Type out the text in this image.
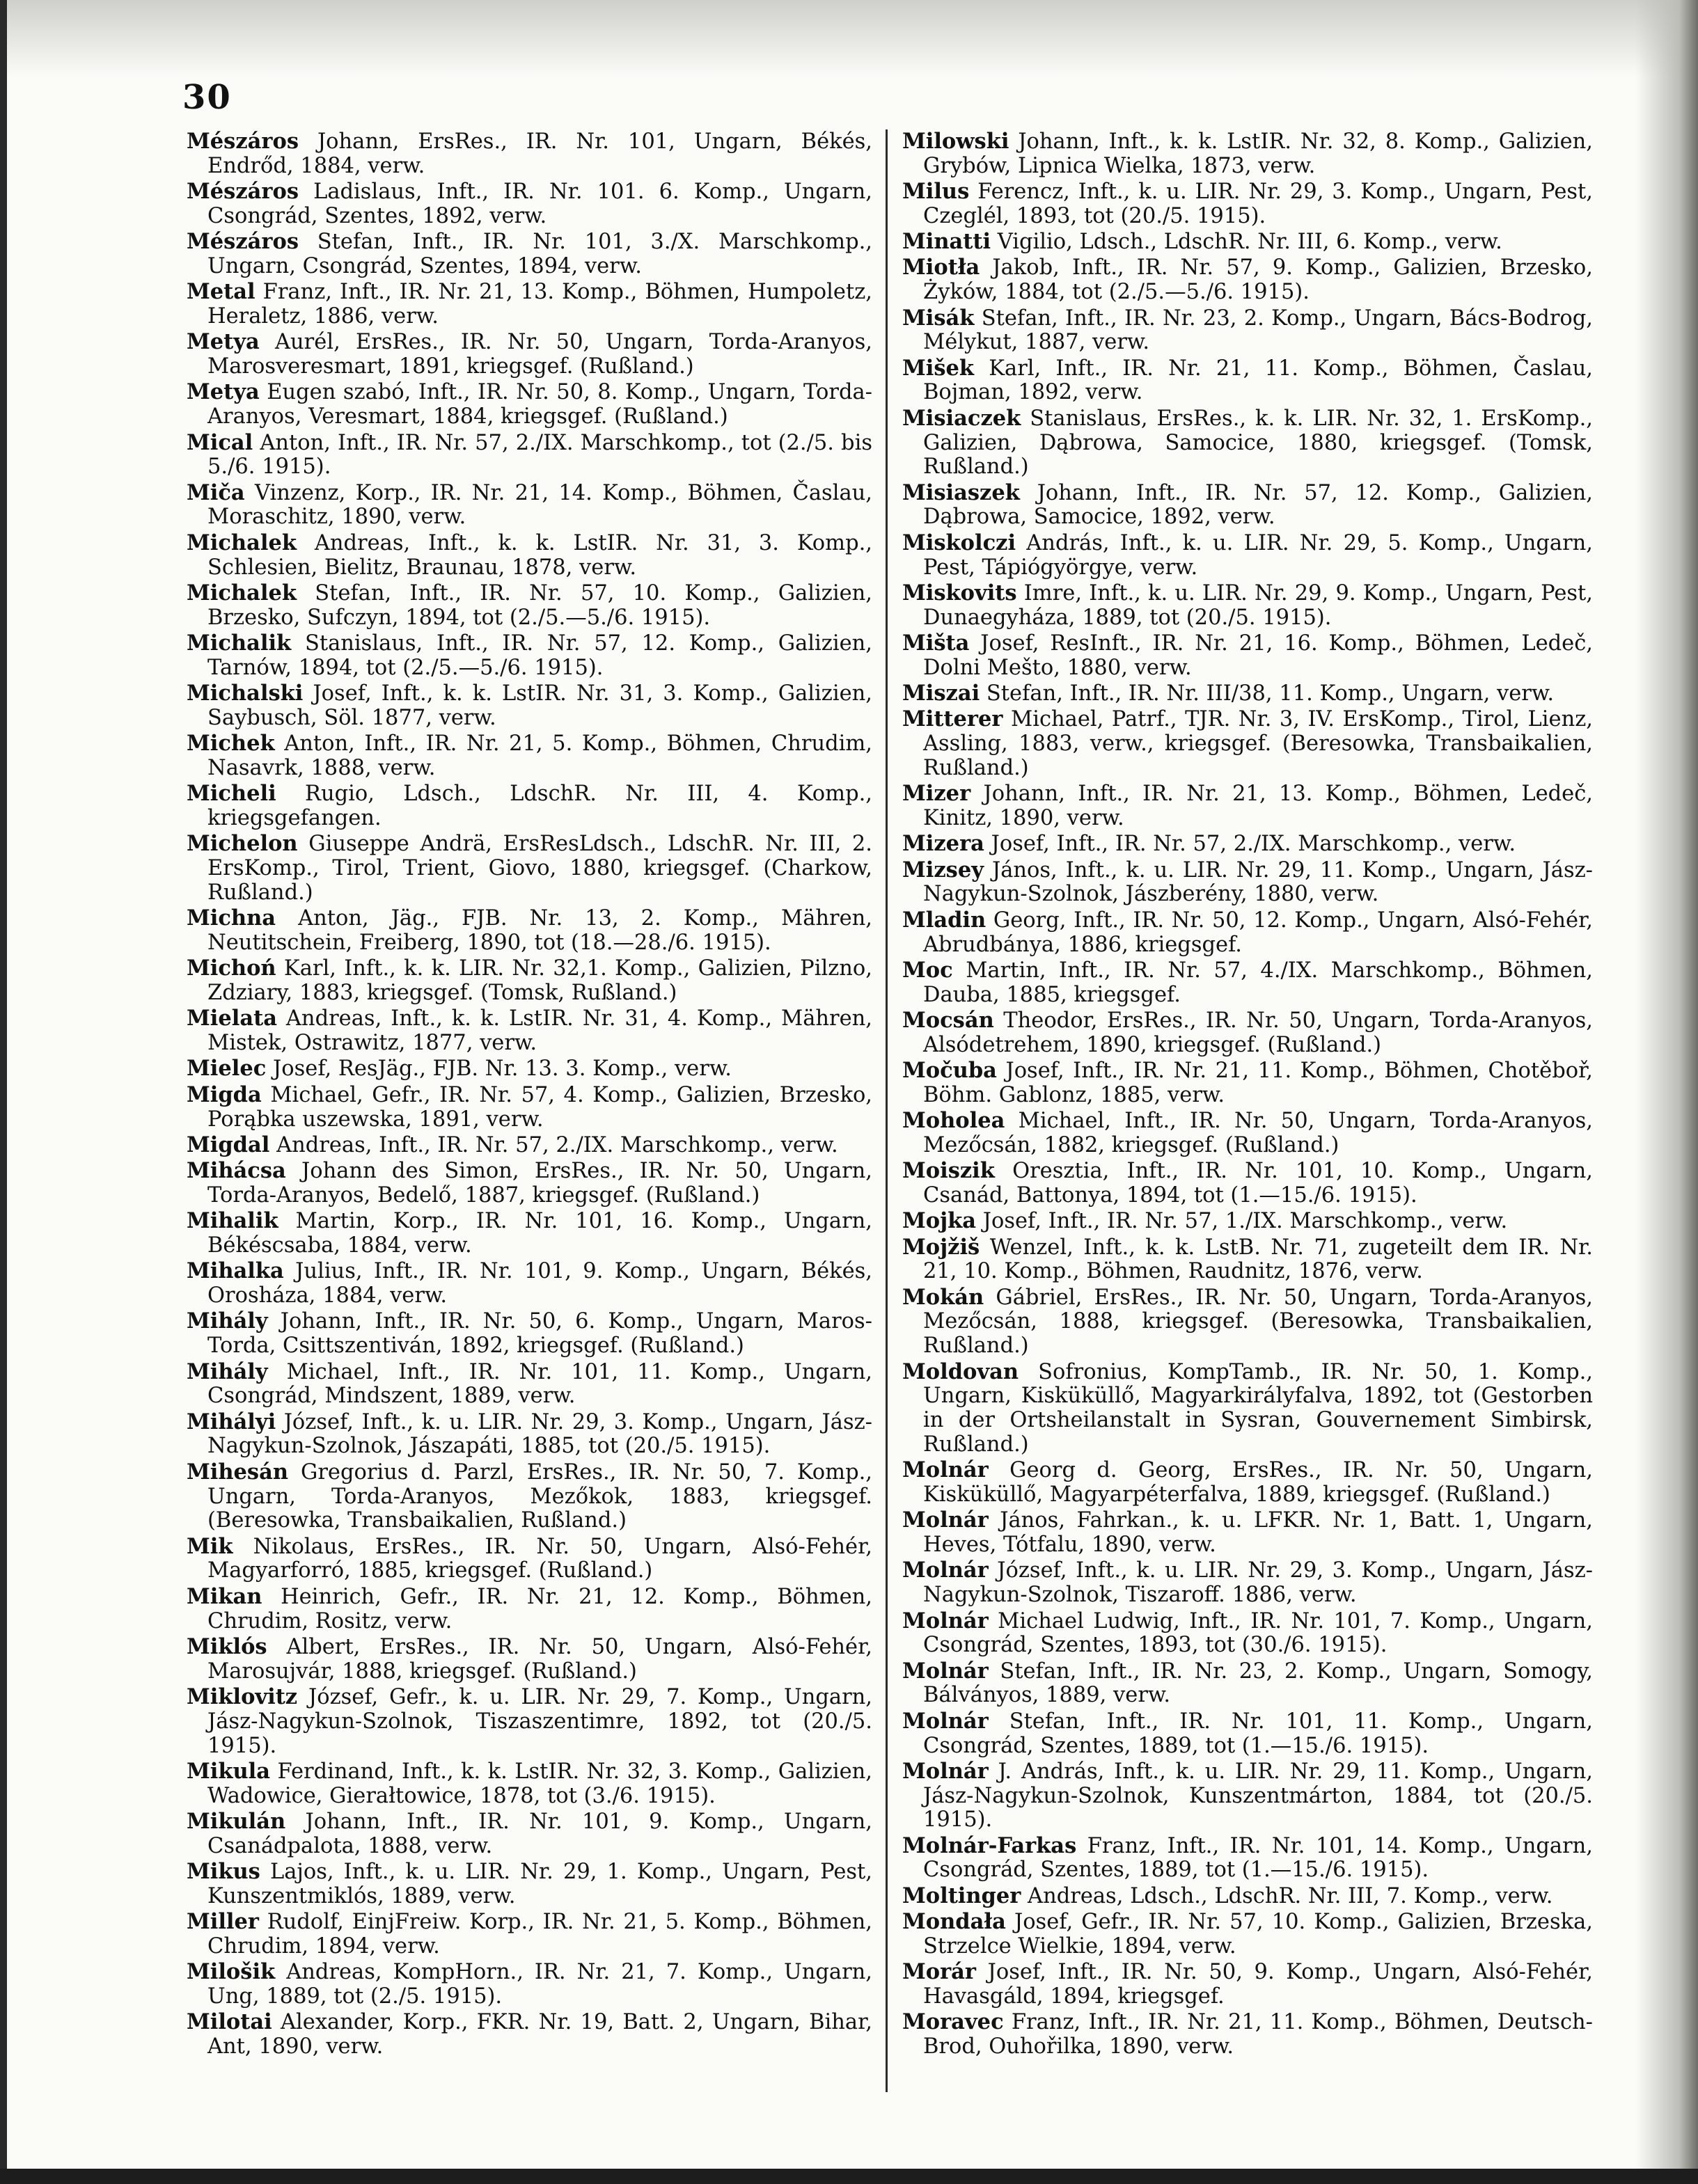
30

Mészáros Johann, ErsRes., IR. Nr. 101, Ungarn, Békés, Endrőd, 1884, verw.

Mészáros Ladislaus, Inft., IR. Nr. 101. 6. Komp., Ungarn, Csongrád, Szentes, 1892, verw.

Mészáros Stefan, Inft., IR. Nr. 101, 3./X. Marschkomp., Ungarn, Csongrád, Szentes, 1894, verw.

Metal Franz, Inft., IR. Nr. 21, 13. Komp., Böhmen, Humpoletz, Heraletz, 1886, verw.

Metya Aurél, ErsRes., IR. Nr. 50, Ungarn, Torda-Aranyos, Marosveresmart, 1891, kriegsgef. (Rußland.)

Metya Eugen szabó, Inft., IR. Nr. 50, 8. Komp., Ungarn, Torda-Aranyos, Veresmart, 1884, kriegsgef. (Rußland.)

Mical Anton, Inft., IR. Nr. 57, 2./IX. Marschkomp., tot (2./5. bis 5./6. 1915).

Miča Vinzenz, Korp., IR. Nr. 21, 14. Komp., Böhmen, Časlau, Moraschitz, 1890, verw.

Michalek Andreas, Inft., k. k. LstIR. Nr. 31, 3. Komp., Schlesien, Bielitz, Braunau, 1878, verw.

Michalek Stefan, Inft., IR. Nr. 57, 10. Komp., Galizien, Brzesko, Sufczyn, 1894, tot (2./5.—5./6. 1915).

Michalik Stanislaus, Inft., IR. Nr. 57, 12. Komp., Galizien, Tarnów, 1894, tot (2./5.—5./6. 1915).

Michalski Josef, Inft., k. k. LstIR. Nr. 31, 3. Komp., Galizien, Saybusch, Söl. 1877, verw.

Michek Anton, Inft., IR. Nr. 21, 5. Komp., Böhmen, Chrudim, Nasavrk, 1888, verw.

Micheli Rugio, Ldsch., LdschR. Nr. III, 4. Komp., kriegsgefangen.

Michelon Giuseppe Andrä, ErsResLdsch., LdschR. Nr. III, 2. ErsKomp., Tirol, Trient, Giovo, 1880, kriegsgef. (Charkow, Rußland.)

Michna Anton, Jäg., FJB. Nr. 13, 2. Komp., Mähren, Neutitschein, Freiberg, 1890, tot (18.—28./6. 1915).

Michoń Karl, Inft., k. k. LIR. Nr. 32,1. Komp., Galizien, Pilzno, Zdziary, 1883, kriegsgef. (Tomsk, Rußland.)

Mielata Andreas, Inft., k. k. LstIR. Nr. 31, 4. Komp., Mähren, Mistek, Ostrawitz, 1877, verw.

Mielec Josef, ResJäg., FJB. Nr. 13. 3. Komp., verw.

Migda Michael, Gefr., IR. Nr. 57, 4. Komp., Galizien, Brzesko, Porąbka uszewska, 1891, verw.

Migdal Andreas, Inft., IR. Nr. 57, 2./IX. Marschkomp., verw.

Mihácsa Johann des Simon, ErsRes., IR. Nr. 50, Ungarn, Torda-Aranyos, Bedelő, 1887, kriegsgef. (Rußland.)

Mihalik Martin, Korp., IR. Nr. 101, 16. Komp., Ungarn, Békéscsaba, 1884, verw.

Mihalka Julius, Inft., IR. Nr. 101, 9. Komp., Ungarn, Békés, Orosháza, 1884, verw.

Mihály Johann, Inft., IR. Nr. 50, 6. Komp., Ungarn, Maros-Torda, Csittszentiván, 1892, kriegsgef. (Rußland.)

Mihály Michael, Inft., IR. Nr. 101, 11. Komp., Ungarn, Csongrád, Mindszent, 1889, verw.

Mihályi József, Inft., k. u. LIR. Nr. 29, 3. Komp., Ungarn, Jász-Nagykun-Szolnok, Jászapáti, 1885, tot (20./5. 1915).

Mihesán Gregorius d. Parzl, ErsRes., IR. Nr. 50, 7. Komp., Ungarn, Torda-Aranyos, Mezőkok, 1883, kriegsgef. (Beresowka, Transbaikalien, Rußland.)

Mik Nikolaus, ErsRes., IR. Nr. 50, Ungarn, Alsó-Fehér, Magyarforró, 1885, kriegsgef. (Rußland.)

Mikan Heinrich, Gefr., IR. Nr. 21, 12. Komp., Böhmen, Chrudim, Rositz, verw.

Miklós Albert, ErsRes., IR. Nr. 50, Ungarn, Alsó-Fehér, Marosujvár, 1888, kriegsgef. (Rußland.)

Miklovitz József, Gefr., k. u. LIR. Nr. 29, 7. Komp., Ungarn, Jász-Nagykun-Szolnok, Tiszaszentimre, 1892, tot (20./5. 1915).

Mikula Ferdinand, Inft., k. k. LstIR. Nr. 32, 3. Komp., Galizien, Wadowice, Gierałtowice, 1878, tot (3./6. 1915).

Mikulán Johann, Inft., IR. Nr. 101, 9. Komp., Ungarn, Csanádpalota, 1888, verw.

Mikus Lajos, Inft., k. u. LIR. Nr. 29, 1. Komp., Ungarn, Pest, Kunszentmiklós, 1889, verw.

Miller Rudolf, EinjFreiw. Korp., IR. Nr. 21, 5. Komp., Böhmen, Chrudim, 1894, verw.

Milošik Andreas, KompHorn., IR. Nr. 21, 7. Komp., Ungarn, Ung, 1889, tot (2./5. 1915).

Milotai Alexander, Korp., FKR. Nr. 19, Batt. 2, Ungarn, Bihar, Ant, 1890, verw.

Milowski Johann, Inft., k. k. LstIR. Nr. 32, 8. Komp., Galizien, Grybów, Lipnica Wielka, 1873, verw.

Milus Ferencz, Inft., k. u. LIR. Nr. 29, 3. Komp., Ungarn, Pest, Czeglél, 1893, tot (20./5. 1915).

Minatti Vigilio, Ldsch., LdschR. Nr. III, 6. Komp., verw.

Miotła Jakob, Inft., IR. Nr. 57, 9. Komp., Galizien, Brzesko, Żyków, 1884, tot (2./5.—5./6. 1915).

Misák Stefan, Inft., IR. Nr. 23, 2. Komp., Ungarn, Bács-Bodrog, Mélykut, 1887, verw.

Mišek Karl, Inft., IR. Nr. 21, 11. Komp., Böhmen, Časlau, Bojman, 1892, verw.

Misiaczek Stanislaus, ErsRes., k. k. LIR. Nr. 32, 1. ErsKomp., Galizien, Dąbrowa, Samocice, 1880, kriegsgef. (Tomsk, Rußland.)

Misiaszek Johann, Inft., IR. Nr. 57, 12. Komp., Galizien, Dąbrowa, Samocice, 1892, verw.

Miskolczi András, Inft., k. u. LIR. Nr. 29, 5. Komp., Ungarn, Pest, Tápiógyörgye, verw.

Miskovits Imre, Inft., k. u. LIR. Nr. 29, 9. Komp., Ungarn, Pest, Dunaegyháza, 1889, tot (20./5. 1915).

Mišta Josef, ResInft., IR. Nr. 21, 16. Komp., Böhmen, Ledeč, Dolni Mešto, 1880, verw.

Miszai Stefan, Inft., IR. Nr. III/38, 11. Komp., Ungarn, verw.

Mitterer Michael, Patrf., TJR. Nr. 3, IV. ErsKomp., Tirol, Lienz, Assling, 1883, verw., kriegsgef. (Beresowka, Transbaikalien, Rußland.)

Mizer Johann, Inft., IR. Nr. 21, 13. Komp., Böhmen, Ledeč, Kinitz, 1890, verw.

Mizera Josef, Inft., IR. Nr. 57, 2./IX. Marschkomp., verw.

Mizsey János, Inft., k. u. LIR. Nr. 29, 11. Komp., Ungarn, Jász-Nagykun-Szolnok, Jászberény, 1880, verw.

Mladin Georg, Inft., IR. Nr. 50, 12. Komp., Ungarn, Alsó-Fehér, Abrudbánya, 1886, kriegsgef.

Moc Martin, Inft., IR. Nr. 57, 4./IX. Marschkomp., Böhmen, Dauba, 1885, kriegsgef.

Mocsán Theodor, ErsRes., IR. Nr. 50, Ungarn, Torda-Aranyos, Alsódetrehem, 1890, kriegsgef. (Rußland.)

Močuba Josef, Inft., IR. Nr. 21, 11. Komp., Böhmen, Chotěboř, Böhm. Gablonz, 1885, verw.

Moholea Michael, Inft., IR. Nr. 50, Ungarn, Torda-Aranyos, Mezőcsán, 1882, kriegsgef. (Rußland.)

Moiszik Oresztia, Inft., IR. Nr. 101, 10. Komp., Ungarn, Csanád, Battonya, 1894, tot (1.—15./6. 1915).

Mojka Josef, Inft., IR. Nr. 57, 1./IX. Marschkomp., verw.

Mojžiš Wenzel, Inft., k. k. LstB. Nr. 71, zugeteilt dem IR. Nr. 21, 10. Komp., Böhmen, Raudnitz, 1876, verw.

Mokán Gábriel, ErsRes., IR. Nr. 50, Ungarn, Torda-Aranyos, Mezőcsán, 1888, kriegsgef. (Beresowka, Transbaikalien, Rußland.)

Moldovan Sofronius, KompTamb., IR. Nr. 50, 1. Komp., Ungarn, Kisküküllő, Magyarkirályfalva, 1892, tot (Gestorben in der Ortsheilanstalt in Sysran, Gouvernement Simbirsk, Rußland.)

Molnár Georg d. Georg, ErsRes., IR. Nr. 50, Ungarn, Kisküküllő, Magyarpéterfalva, 1889, kriegsgef. (Rußland.)

Molnár János, Fahrkan., k. u. LFKR. Nr. 1, Batt. 1, Ungarn, Heves, Tótfalu, 1890, verw.

Molnár József, Inft., k. u. LIR. Nr. 29, 3. Komp., Ungarn, Jász-Nagykun-Szolnok, Tiszaroff. 1886, verw.

Molnár Michael Ludwig, Inft., IR. Nr. 101, 7. Komp., Ungarn, Csongrád, Szentes, 1893, tot (30./6. 1915).

Molnár Stefan, Inft., IR. Nr. 23, 2. Komp., Ungarn, Somogy, Bálványos, 1889, verw.

Molnár Stefan, Inft., IR. Nr. 101, 11. Komp., Ungarn, Csongrád, Szentes, 1889, tot (1.—15./6. 1915).

Molnár J. András, Inft., k. u. LIR. Nr. 29, 11. Komp., Ungarn, Jász-Nagykun-Szolnok, Kunszentmárton, 1884, tot (20./5. 1915).

Molnár-Farkas Franz, Inft., IR. Nr. 101, 14. Komp., Ungarn, Csongrád, Szentes, 1889, tot (1.—15./6. 1915).

Moltinger Andreas, Ldsch., LdschR. Nr. III, 7. Komp., verw.

Mondała Josef, Gefr., IR. Nr. 57, 10. Komp., Galizien, Brzeska, Strzelce Wielkie, 1894, verw.

Morár Josef, Inft., IR. Nr. 50, 9. Komp., Ungarn, Alsó-Fehér, Havasgáld, 1894, kriegsgef.

Moravec Franz, Inft., IR. Nr. 21, 11. Komp., Böhmen, Deutsch-Brod, Ouhořilka, 1890, verw.
